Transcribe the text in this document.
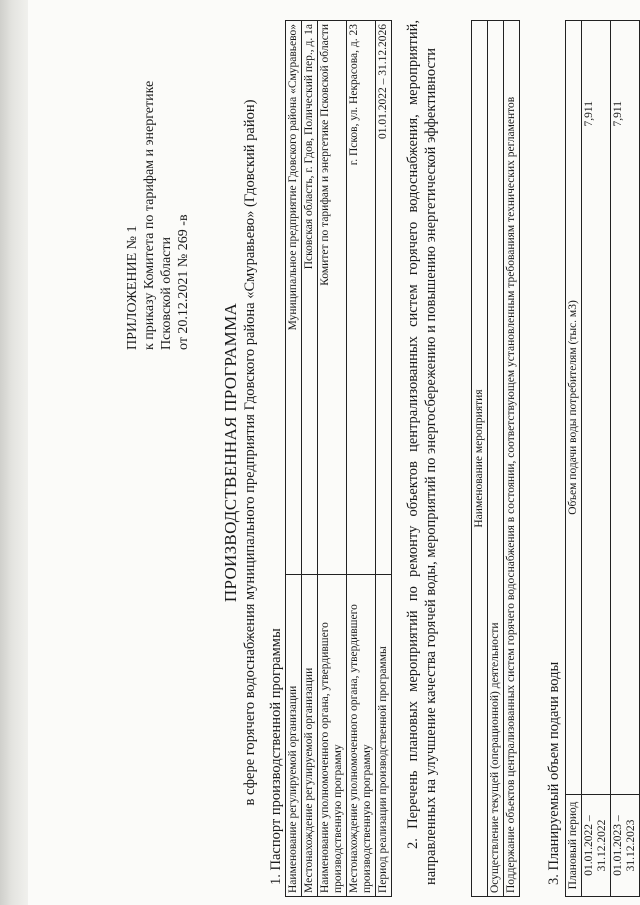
ПРИЛОЖЕНИЕ № 1 к приказу Комитета по тарифам и энергетике Псковской области от 20.12.2021 № 269 -в
ПРОИЗВОДСТВЕННАЯ ПРОГРАММА в сфере горячего водоснабжения муниципального предприятия Гдовского района «Смуравьево» (Гдовский район) 1. Паспорт производственной программы Наименование регулируемой организации	Муниципальное предприятие Гдовского района «Смуравьево»
Местонахождение регулируемой организации	Псковская область, г. Гдов, Полический пер., д. 1а
Наименование уполномоченного органа, утвердившего производственную программу	Комитет по тарифам и энергетике Псковской области
Местонахождение уполномоченного органа, утвердившего производственную программу	г. Псков, ул. Некрасова, д. 23
Период реализации производственной программы	01.01.2022 – 31.12.2026 2. Перечень плановых мероприятий по ремонту объектов централизованных систем горячего водоснабжения, мероприятий, направленных на улучшение качества горячей воды, мероприятий по энергосбережению и повышению энергетической эффективности	Наименование мероприятия
Осуществление текущей (операционной) деятельности
Поддержание объектов централизованных систем горячего водоснабжения в состоянии, соответствующем установленным требованиям технических регламентов 3. Планируемый объем подачи воды Плановый период	Объем подачи воды потребителям (тыс. м3)
01.01.2022 – 31.12.2022	7,911
01.01.2023 – 31.12.2023	7,911
